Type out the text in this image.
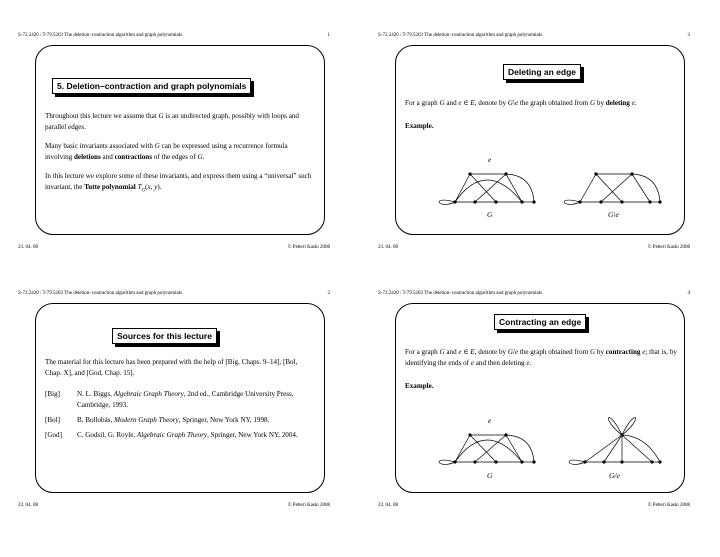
S-72.2420 / T-79.5203 The deletion–contraction algorithm and graph polynomials	1
5. Deletion–contraction and graph polynomials

Throughout this lecture we assume that G is an undirected graph, possibly with loops and parallel edges.

Many basic invariants associated with G can be expressed using a recurrence formula involving deletions and contractions of the edges of G.

In this lecture we explore some of these invariants, and express them using a “universal” such invariant, the Tutte polynomial $T_G(x$, y).

23. 04. 08	© Petteri Kaski 2008
S-72.2420 / T-79.5203 The deletion–contraction algorithm and graph polynomials	3
Deleting an edge

For a graph G and e ∈ E, denote by G\e the graph obtained from G by deleting e.

Example.

e
G	G\e
23. 04. 08	© Petteri Kaski 2008
S-72.2420 / T-79.5203 The deletion–contraction algorithm and graph polynomials	2
Sources for this lecture

The material for this lecture has been prepared with the help of [Big, Chaps. 9–14], [Bol, Chap. X], and [God, Chap. 15].

[Big]	N. L. Biggs, Algebraic Graph Theory, 2nd ed., Cambridge University Press, Cambridge, 1993.
[Bol]	B. Bollobás, Modern Graph Theory, Springer, New York NY, 1998.
[God]	C. Godsil, G. Royle, Algebraic Graph Theory, Springer, New York NY, 2004.
23. 04. 08	© Petteri Kaski 2008
S-72.2420 / T-79.5203 The deletion–contraction algorithm and graph polynomials	4
Contracting an edge

For a graph G and e ∈ E, denote by G/e the graph obtained from G by contracting e; that is, by identifying the ends of e and then deleting e.

Example.

e
G	G/e
23. 04. 08	© Petteri Kaski 2008
